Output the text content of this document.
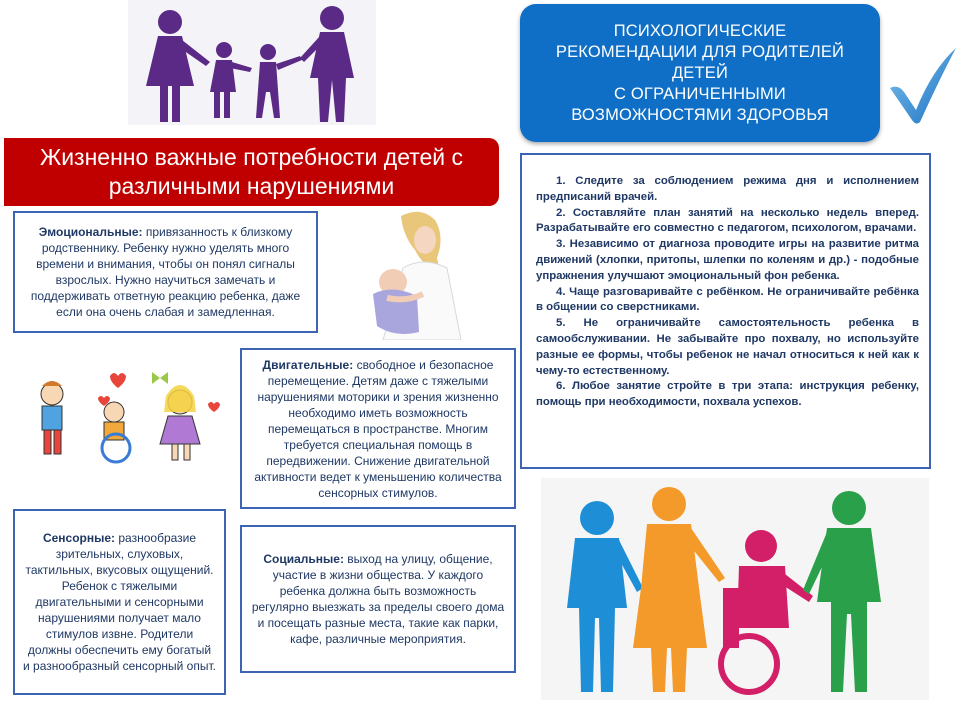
ПСИХОЛОГИЧЕСКИЕ
РЕКОМЕНДАЦИИ ДЛЯ РОДИТЕЛЕЙ
ДЕТЕЙ
С ОГРАНИЧЕННЫМИ
ВОЗМОЖНОСТЯМИ ЗДОРОВЬЯ
Жизненно важные потребности детей с
различными нарушениями
Эмоциональные: привязанность к близкому родственнику. Ребенку нужно уделять много времени и внимания, чтобы он понял сигналы взрослых. Нужно научиться замечать и поддерживать ответную реакцию ребенка, даже если она очень слабая и замедленная.
Двигательные: свободное и безопасное перемещение. Детям даже с тяжелыми нарушениями моторики и зрения жизненно необходимо иметь возможность перемещаться в пространстве. Многим требуется специальная помощь в передвижении. Снижение двигательной активности ведет к уменьшению количества сенсорных стимулов.
Сенсорные: разнообразие зрительных, слуховых, тактильных, вкусовых ощущений. Ребенок с тяжелыми двигательными и сенсорными нарушениями получает мало стимулов извне. Родители должны обеспечить ему богатый и разнообразный сенсорный опыт.
Социальные: выход на улицу, общение, участие в жизни общества. У каждого ребенка должна быть возможность регулярно выезжать за пределы своего дома и посещать разные места, такие как парки, кафе, различные мероприятия.

1. Следите за соблюдением режима дня и исполнением предписаний врачей.

2. Составляйте план занятий на несколько недель вперед. Разрабатывайте его совместно с педагогом, психологом, врачами.

3. Независимо от диагноза проводите игры на развитие ритма движений (хлопки, притопы, шлепки по коленям и др.) - подобные упражнения улучшают эмоциональный фон ребенка.

4. Чаще разговаривайте с ребёнком. Не ограничивайте ребёнка в общении со сверстниками.

5. Не ограничивайте самостоятельность ребенка в самообслуживании. Не забывайте про похвалу, но используйте разные ее формы, чтобы ребенок не начал относиться к ней как к чему-то естественному.

6. Любое занятие стройте в три этапа: инструкция ребенку, помощь при необходимости, похвала успехов.
